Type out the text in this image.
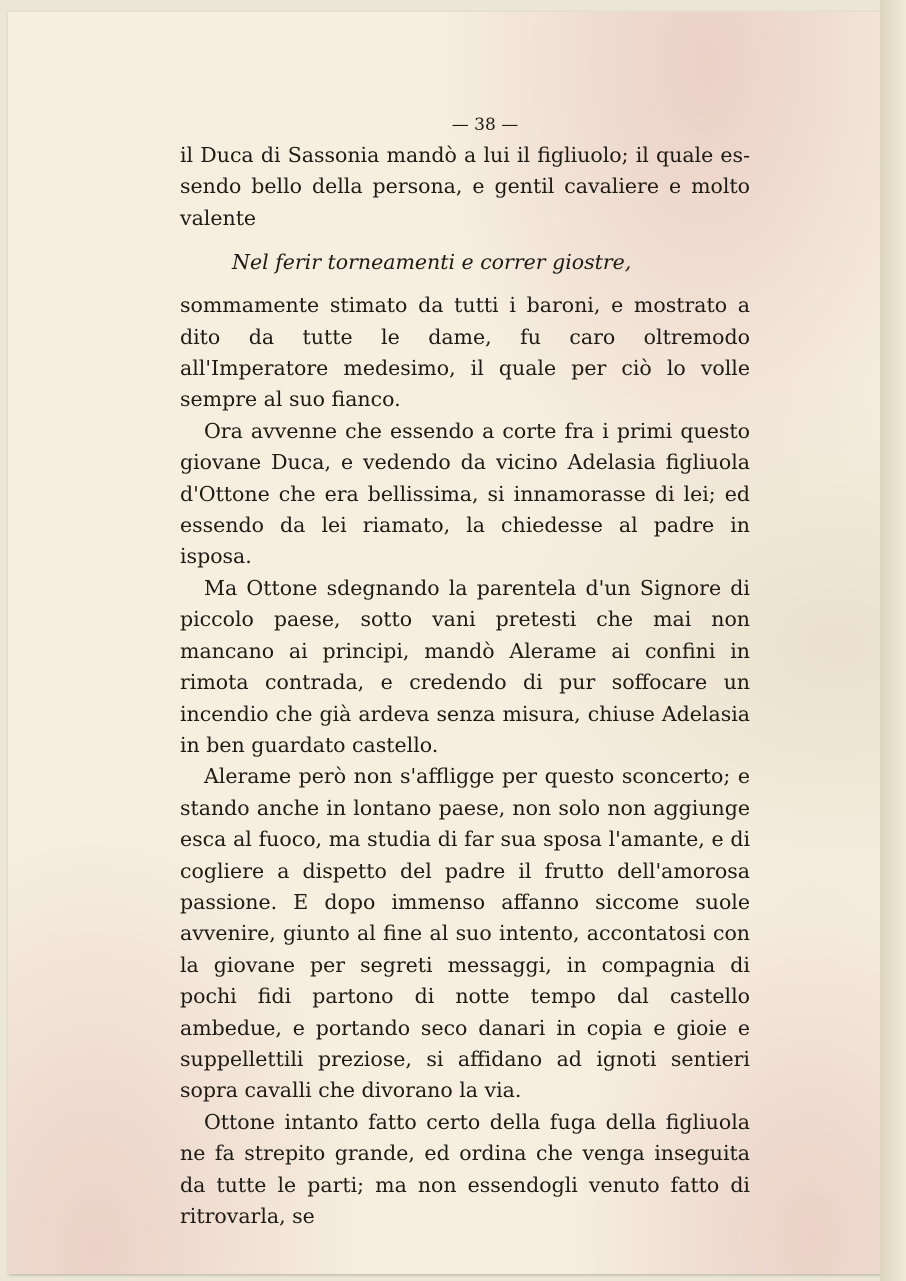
— 38 —

il Duca di Sassonia mandò a lui il figliuolo; il quale es-sendo bello della persona, e gentil cavaliere e molto valente

Nel ferir torneamenti e correr giostre,

sommamente stimato da tutti i baroni, e mostrato a dito da tutte le dame, fu caro oltremodo all'Imperatore medesimo, il quale per ciò lo volle sempre al suo fianco.

Ora avvenne che essendo a corte fra i primi questo giovane Duca, e vedendo da vicino Adelasia figliuola d'Ottone che era bellissima, si innamorasse di lei; ed essendo da lei riamato, la chiedesse al padre in isposa.

Ma Ottone sdegnando la parentela d'un Signore di piccolo paese, sotto vani pretesti che mai non mancano ai principi, mandò Alerame ai confini in rimota contrada, e credendo di pur soffocare un incendio che già ardeva senza misura, chiuse Adelasia in ben guardato castello.

Alerame però non s'affligge per questo sconcerto; e stando anche in lontano paese, non solo non aggiunge esca al fuoco, ma studia di far sua sposa l'amante, e di cogliere a dispetto del padre il frutto dell'amorosa passione. E dopo immenso affanno siccome suole avvenire, giunto al fine al suo intento, accontatosi con la giovane per segreti messaggi, in compagnia di pochi fidi partono di notte tempo dal castello ambedue, e portando seco danari in copia e gioie e suppellettili preziose, si affidano ad ignoti sentieri sopra cavalli che divorano la via.

Ottone intanto fatto certo della fuga della figliuola ne fa strepito grande, ed ordina che venga inseguita da tutte le parti; ma non essendogli venuto fatto di ritrovarla, se
